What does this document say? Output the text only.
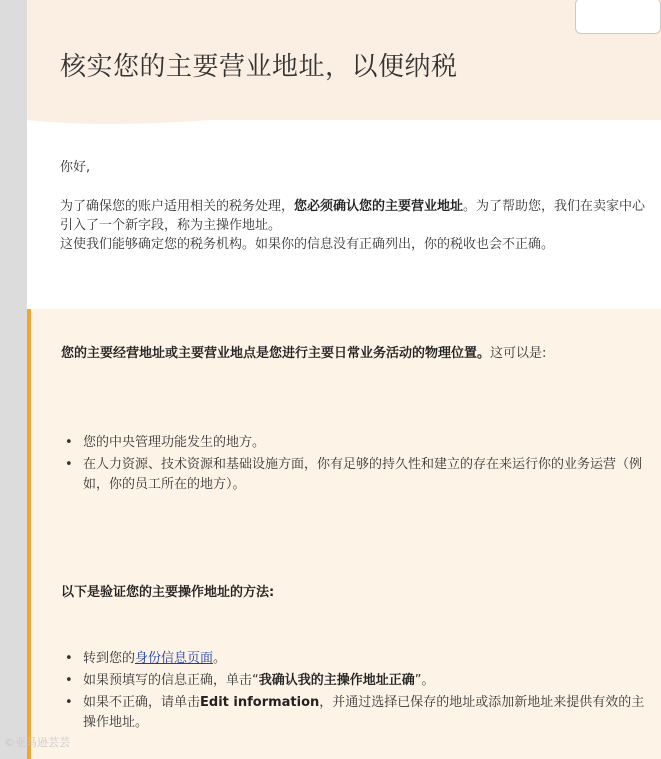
核实您的主要营业地址，以便纳税

你好,

为了确保您的账户适用相关的税务处理，您必须确认您的主要营业地址。为了帮助您，我们在卖家中心引入了一个新字段，称为主操作地址。

这使我们能够确定您的税务机构。如果你的信息没有正确列出，你的税收也会不正确。

您的主要经营地址或主要营业地点是您进行主要日常业务活动的物理位置。这可以是:

• 您的中央管理功能发生的地方。
• 在人力资源、技术资源和基础设施方面，你有足够的持久性和建立的存在来运行你的业务运营（例如，你的员工所在的地方）。

以下是验证您的主要操作地址的方法:

• 转到您的身份信息页面。
• 如果预填写的信息正确，单击“我确认我的主操作地址正确”。
• 如果不正确，请单击Edit information，并通过选择已保存的地址或添加新地址来提供有效的主操作地址。
©亚马逊芸芸
